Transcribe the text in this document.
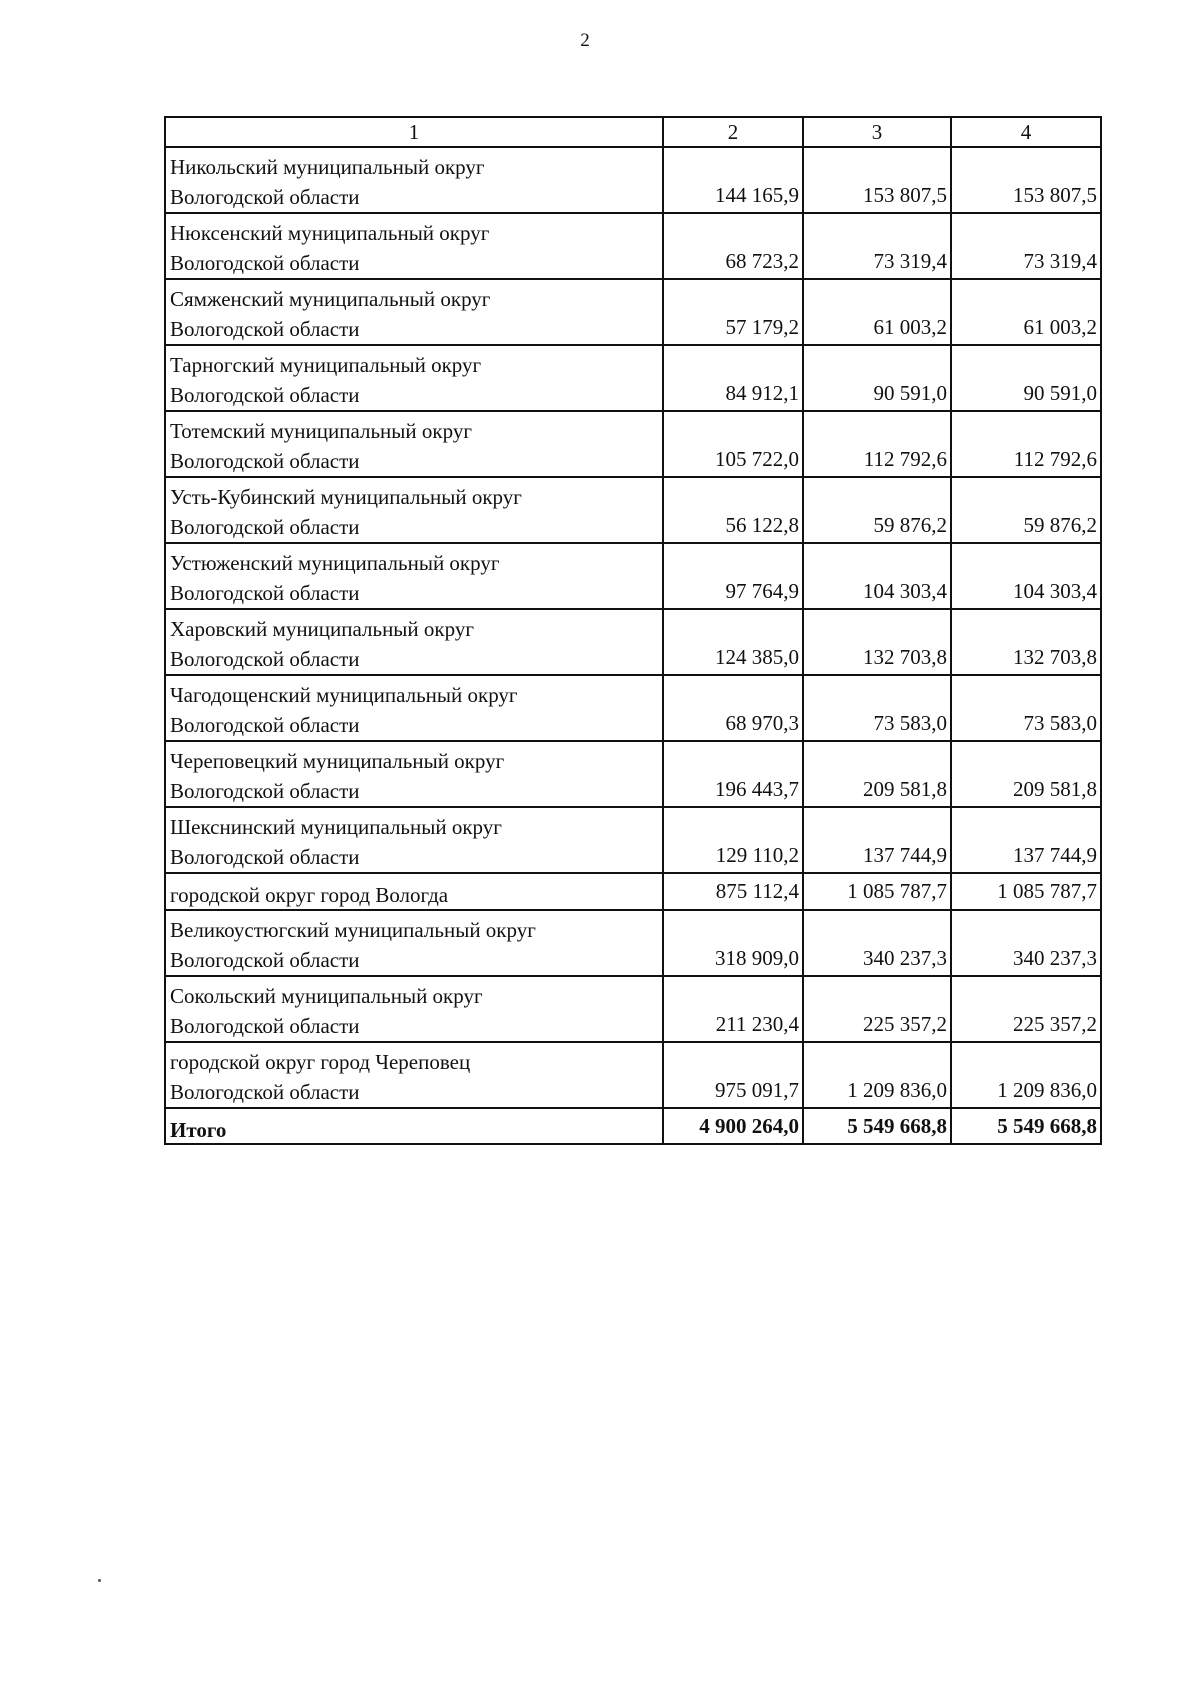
2
1	2	3	4

Никольский муниципальный округ
Вологодской области	144 165,9	153 807,5	153 807,5

Нюксенский муниципальный округ
Вологодской области	68 723,2	73 319,4	73 319,4

Сямженский муниципальный округ
Вологодской области	57 179,2	61 003,2	61 003,2

Тарногский муниципальный округ
Вологодской области	84 912,1	90 591,0	90 591,0

Тотемский муниципальный округ
Вологодской области	105 722,0	112 792,6	112 792,6

Усть-Кубинский муниципальный округ
Вологодской области	56 122,8	59 876,2	59 876,2

Устюженский муниципальный округ
Вологодской области	97 764,9	104 303,4	104 303,4

Харовский муниципальный округ
Вологодской области	124 385,0	132 703,8	132 703,8

Чагодощенский муниципальный округ
Вологодской области	68 970,3	73 583,0	73 583,0

Череповецкий муниципальный округ
Вологодской области	196 443,7	209 581,8	209 581,8

Шекснинский муниципальный округ
Вологодской области	129 110,2	137 744,9	137 744,9

городской округ город Вологда	875 112,4	1 085 787,7	1 085 787,7

Великоустюгский муниципальный округ
Вологодской области	318 909,0	340 237,3	340 237,3

Сокольский муниципальный округ
Вологодской области	211 230,4	225 357,2	225 357,2

городской округ город Череповец
Вологодской области	975 091,7	1 209 836,0	1 209 836,0
Итого	4 900 264,0	5 549 668,8	5 549 668,8
